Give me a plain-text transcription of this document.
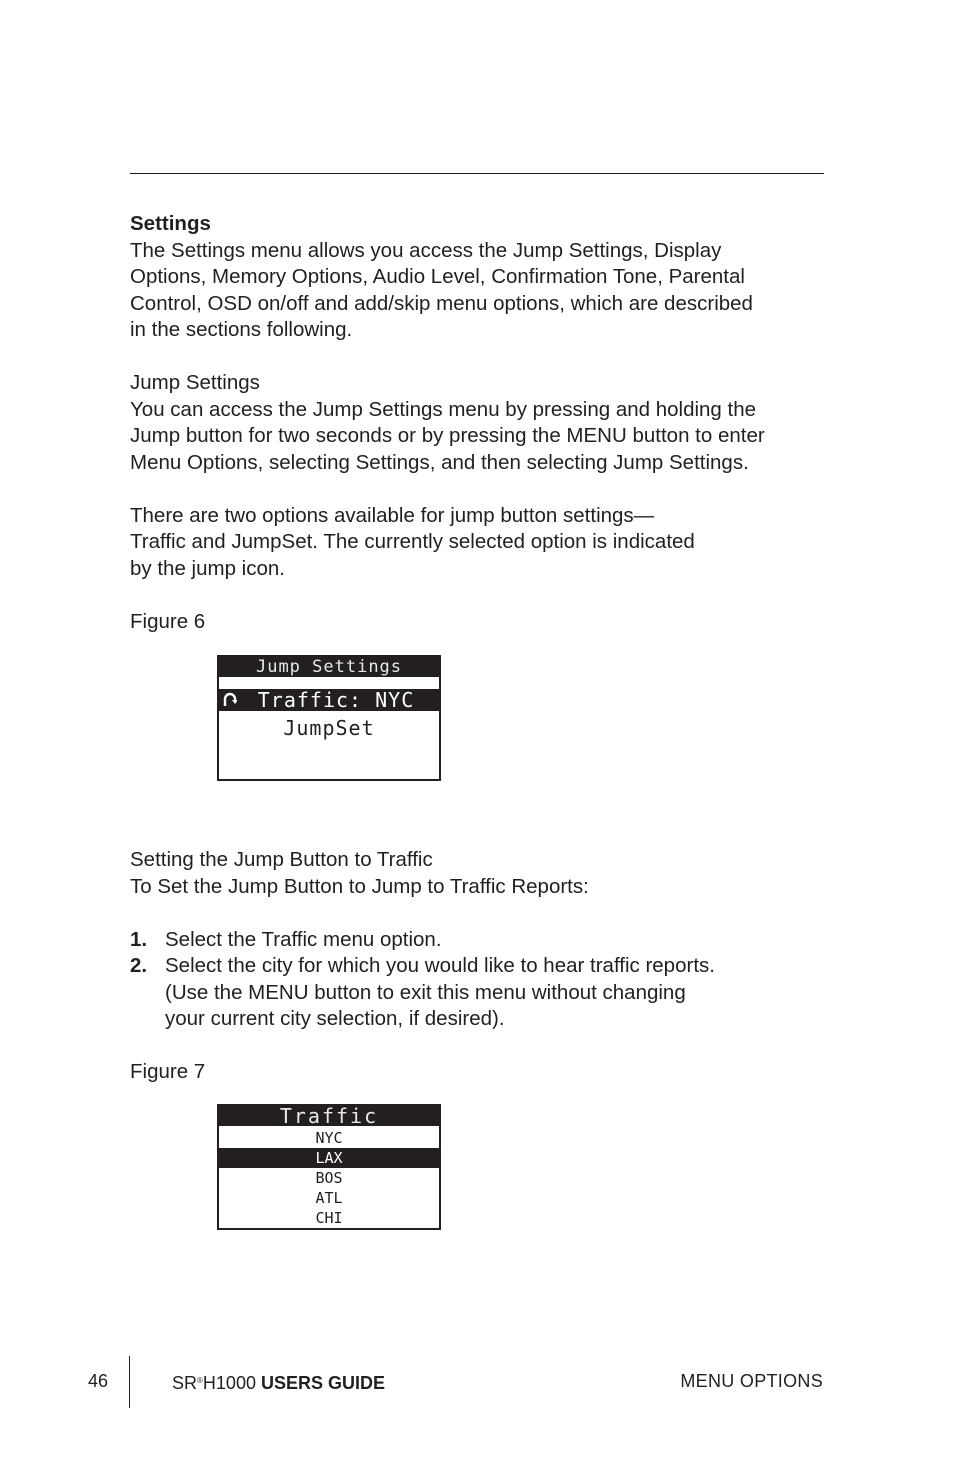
Settings
The Settings menu allows you access the Jump Settings, Display
Options, Memory Options, Audio Level, Confirmation Tone, Parental
Control, OSD on/off and add/skip menu options, which are described
in the sections following.
Jump Settings
You can access the Jump Settings menu by pressing and holding the
Jump button for two seconds or by pressing the MENU button to enter
Menu Options, selecting Settings, and then selecting Jump Settings.
There are two options available for jump button settings—
Traffic and JumpSet. The currently selected option is indicated
by the jump icon.
Figure 6
Jump Settings
Traffic: NYC
JumpSet
Setting the Jump Button to Traffic
To Set the Jump Button to Jump to Traffic Reports:
1. Select the Traffic menu option.
2. Select the city for which you would like to hear traffic reports.
(Use the MENU button to exit this menu without changing
your current city selection, if desired).
Figure 7
Traffic
NYC
LAX
BOS
ATL
CHI
46	SR®H1000 USERS GUIDE	MENU OPTIONS
